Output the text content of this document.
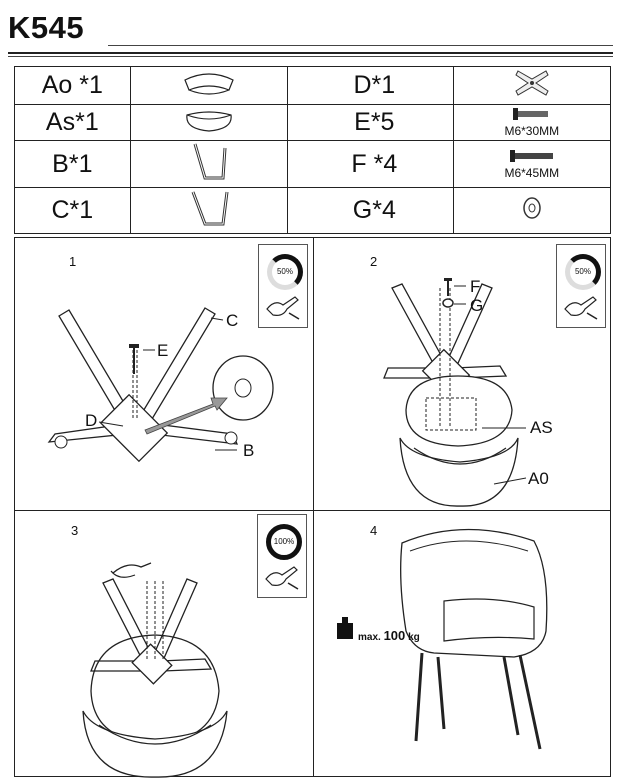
K545
Ao *1		D*1	
As*1		E*5	M6*30MM

B*1		F *4	M6*45MM

C*1		G*4	
1
50%
C
E
D
B
2
50%
F
G
AS
A0
3
100%
4
max. 100 kg
